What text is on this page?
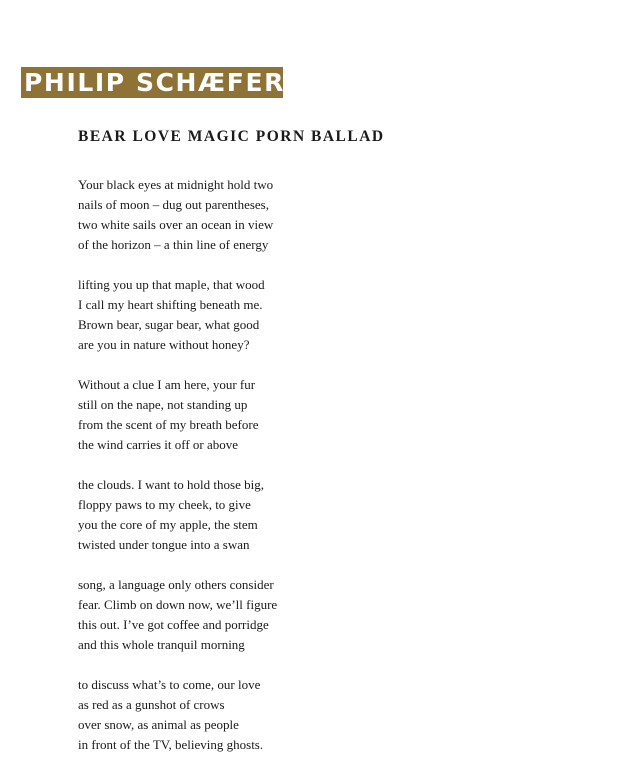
PHILIP SCHÆFER
BEAR LOVE MAGIC PORN BALLAD
Your black eyes at midnight hold two
nails of moon – dug out parentheses,
two white sails over an ocean in view
of the horizon – a thin line of energy
lifting you up that maple, that wood
I call my heart shifting beneath me.
Brown bear, sugar bear, what good
are you in nature without honey?
Without a clue I am here, your fur
still on the nape, not standing up
from the scent of my breath before
the wind carries it off or above
the clouds. I want to hold those big,
floppy paws to my cheek, to give
you the core of my apple, the stem
twisted under tongue into a swan
song, a language only others consider
fear. Climb on down now, we’ll figure
this out. I’ve got coffee and porridge
and this whole tranquil morning
to discuss what’s to come, our love
as red as a gunshot of crows
over snow, as animal as people
in front of the TV, believing ghosts.
